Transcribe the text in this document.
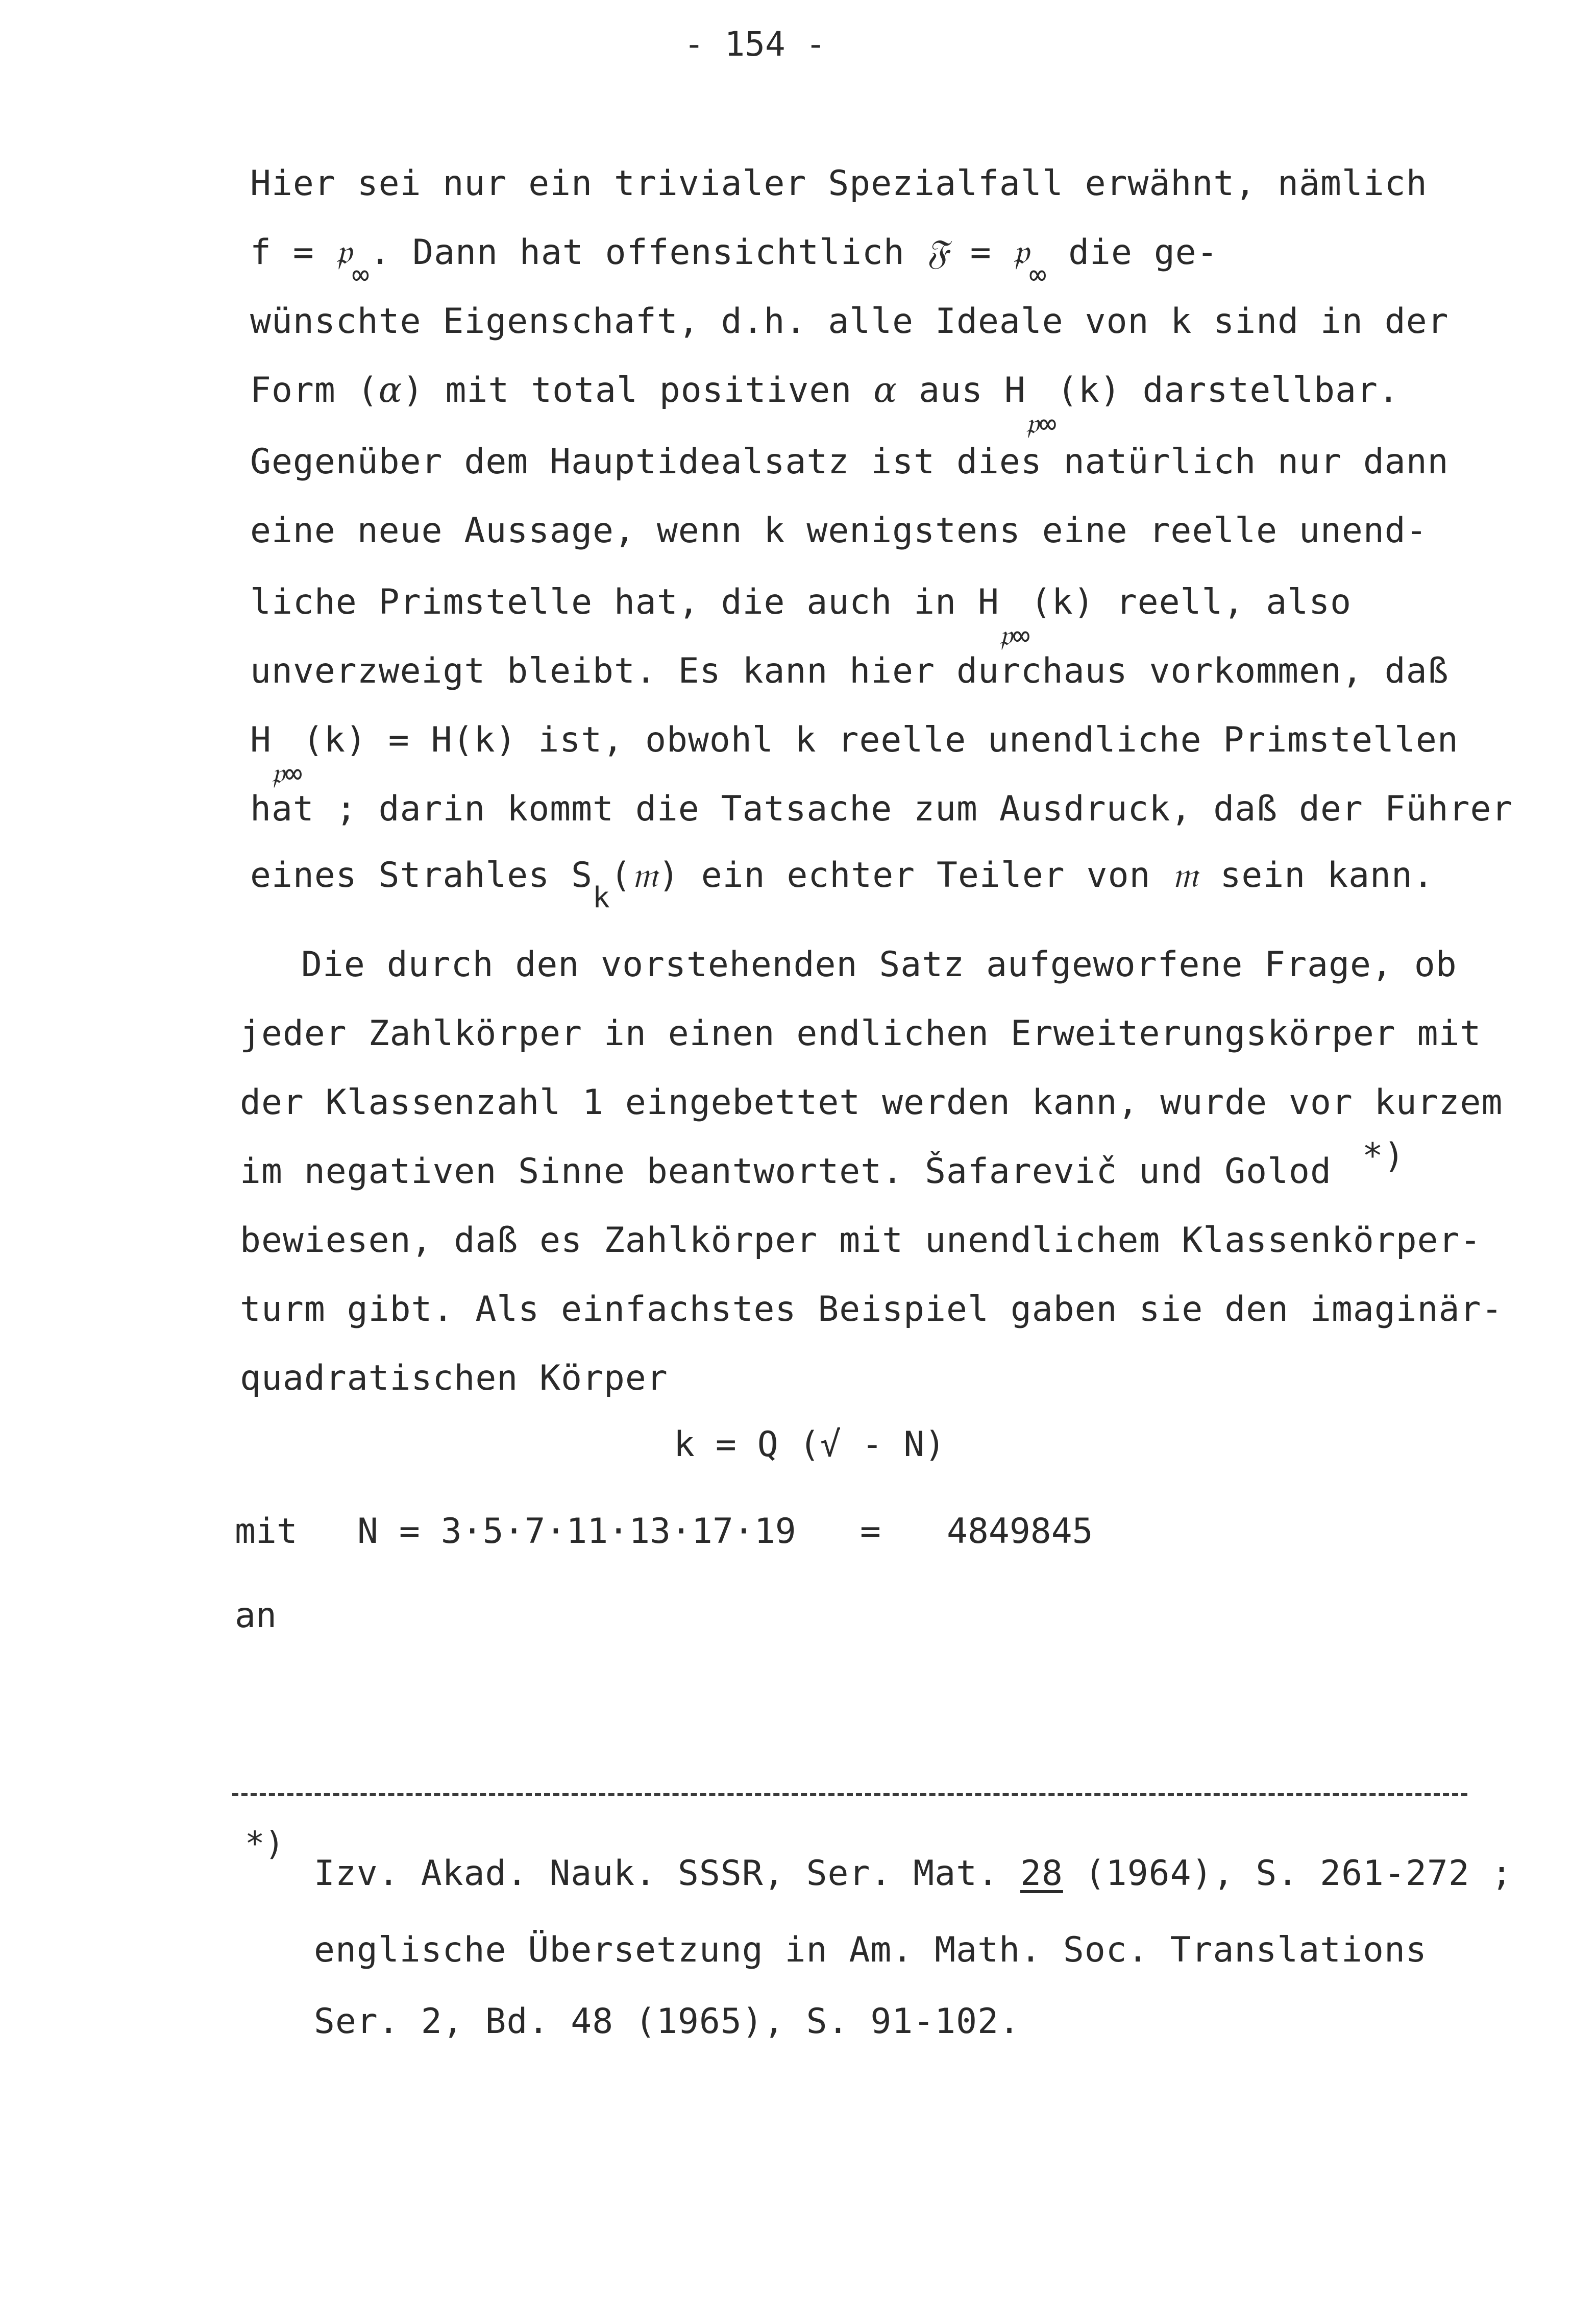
- 154 -
Hier sei nur ein trivialer Spezialfall erwähnt, nämlich
f = 𝔭$_\infty$. Dann hat offensichtlich 𝔉 = 𝔭$_\infty$ die ge-
wünschte Eigenschaft, d.h. alle Ideale von k sind in der
Form (α) mit total positiven α aus $H_{𝔭\infty}(k)$ darstellbar.
Gegenüber dem Hauptidealsatz ist dies natürlich nur dann
eine neue Aussage, wenn k wenigstens eine reelle unend-
liche Primstelle hat, die auch in $H_{𝔭\infty}(k)$ reell, also
unverzweigt bleibt. Es kann hier durchaus vorkommen, daß
$H_{𝔭\infty}(k) = H(k)$ ist, obwohl k reelle unendliche Primstellen
hat ; darin kommt die Tatsache zum Ausdruck, daß der Führer
eines Strahles $S_k(𝔪)$ ein echter Teiler von 𝔪 sein kann.
Die durch den vorstehenden Satz aufgeworfene Frage, ob
jeder Zahlkörper in einen endlichen Erweiterungskörper mit
der Klassenzahl 1 eingebettet werden kann, wurde vor kurzem
im negativen Sinne beantwortet. Šafarevič und Golod *)
bewiesen, daß es Zahlkörper mit unendlichem Klassenkörper-
turm gibt. Als einfachstes Beispiel gaben sie den imaginär-
quadratischen Körper
k = Q (√ - N)
mit N = 3·5·7·11·13·17·19 = 4849845
an
*)
Izv. Akad. Nauk. SSSR, Ser. Mat. 28 (1964), S. 261-272 ;
englische Übersetzung in Am. Math. Soc. Translations
Ser. 2, Bd. 48 (1965), S. 91-102.
